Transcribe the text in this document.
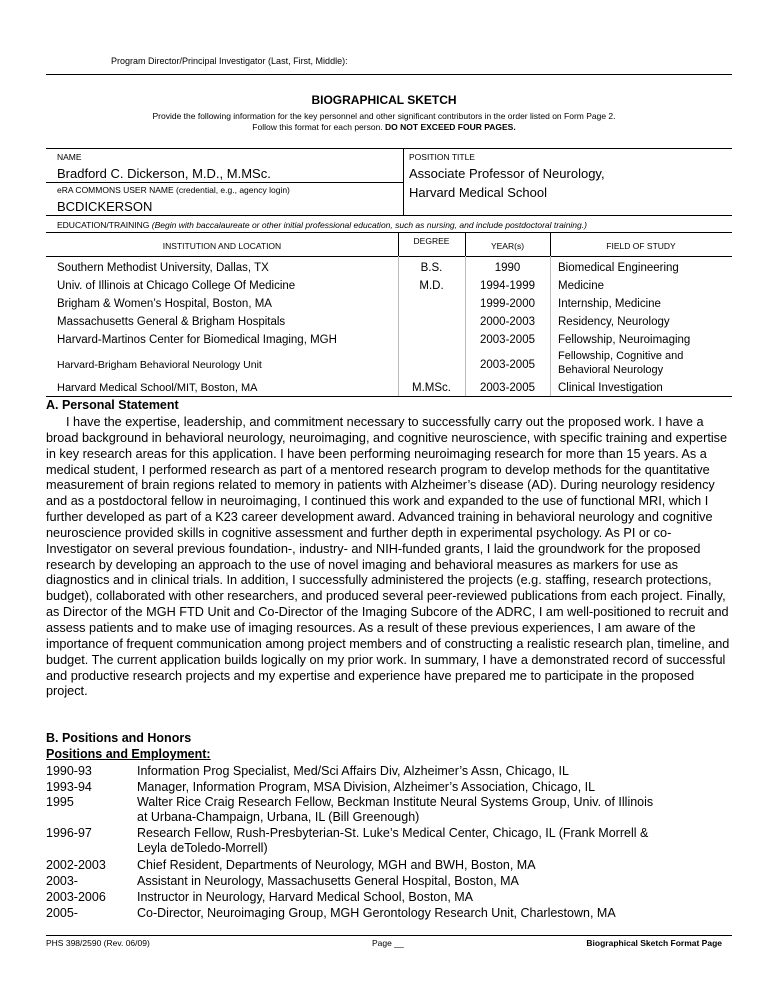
Program Director/Principal Investigator (Last, First, Middle):
BIOGRAPHICAL SKETCH
Provide the following information for the key personnel and other significant contributors in the order listed on Form Page 2.
Follow this format for each person. DO NOT EXCEED FOUR PAGES.
NAME
Bradford C. Dickerson, M.D., M.MSc.
POSITION TITLE
Associate Professor of Neurology,
Harvard Medical School
eRA COMMONS USER NAME (credential, e.g., agency login)
BCDICKERSON
EDUCATION/TRAINING (Begin with baccalaureate or other initial professional education, such as nursing, and include postdoctoral training.)
INSTITUTION AND LOCATION	DEGREE	YEAR(s)	FIELD OF STUDY
Southern Methodist University, Dallas, TX	B.S.	1990	Biomedical Engineering
Univ. of Illinois at Chicago College Of Medicine	M.D.	1994-1999	Medicine
Brigham & Women’s Hospital, Boston, MA	1999-2000	Internship, Medicine
Massachusetts General & Brigham Hospitals	2000-2003	Residency, Neurology
Harvard-Martinos Center for Biomedical Imaging, MGH	2003-2005	Fellowship, Neuroimaging
Harvard-Brigham Behavioral Neurology Unit	2003-2005
Fellowship, Cognitive and
Behavioral Neurology
Harvard Medical School/MIT, Boston, MA	M.MSc.	2003-2005	Clinical Investigation
A. Personal Statement
I have the expertise, leadership, and commitment necessary to successfully carry out the proposed work. I have a broad background in behavioral neurology, neuroimaging, and cognitive neuroscience, with specific training and expertise in key research areas for this application. I have been performing neuroimaging research for more than 15 years. As a medical student, I performed research as part of a mentored research program to develop methods for the quantitative measurement of brain regions related to memory in patients with Alzheimer’s disease (AD). During neurology residency and as a postdoctoral fellow in neuroimaging, I continued this work and expanded to the use of functional MRI, which I further developed as part of a K23 career development award. Advanced training in behavioral neurology and cognitive neuroscience provided skills in cognitive assessment and further depth in experimental psychology. As PI or co-Investigator on several previous foundation-, industry- and NIH-funded grants, I laid the groundwork for the proposed research by developing an approach to the use of novel imaging and behavioral measures as markers for use as diagnostics and in clinical trials. In addition, I successfully administered the projects (e.g. staffing, research protections, budget), collaborated with other researchers, and produced several peer-reviewed publications from each project. Finally, as Director of the MGH FTD Unit and Co-Director of the Imaging Subcore of the ADRC, I am well-positioned to recruit and assess patients and to make use of imaging resources. As a result of these previous experiences, I am aware of the importance of frequent communication among project members and of constructing a realistic research plan, timeline, and budget. The current application builds logically on my prior work. In summary, I have a demonstrated record of successful and productive research projects and my expertise and experience have prepared me to participate in the proposed project.
B. Positions and Honors
Positions and Employment:
1990-93	Information Prog Specialist, Med/Sci Affairs Div, Alzheimer’s Assn, Chicago, IL
1993-94	Manager, Information Program, MSA Division, Alzheimer’s Association, Chicago, IL
1995	Walter Rice Craig Research Fellow, Beckman Institute Neural Systems Group, Univ. of Illinois
at Urbana-Champaign, Urbana, IL (Bill Greenough)
1996-97	Research Fellow, Rush-Presbyterian-St. Luke’s Medical Center, Chicago, IL (Frank Morrell &
Leyla deToledo-Morrell)
2002-2003	Chief Resident, Departments of Neurology, MGH and BWH, Boston, MA
2003-	Assistant in Neurology, Massachusetts General Hospital, Boston, MA
2003-2006	Instructor in Neurology, Harvard Medical School, Boston, MA
2005-	Co-Director, Neuroimaging Group, MGH Gerontology Research Unit, Charlestown, MA
PHS 398/2590 (Rev. 06/09)	Page __	Biographical Sketch Format Page
